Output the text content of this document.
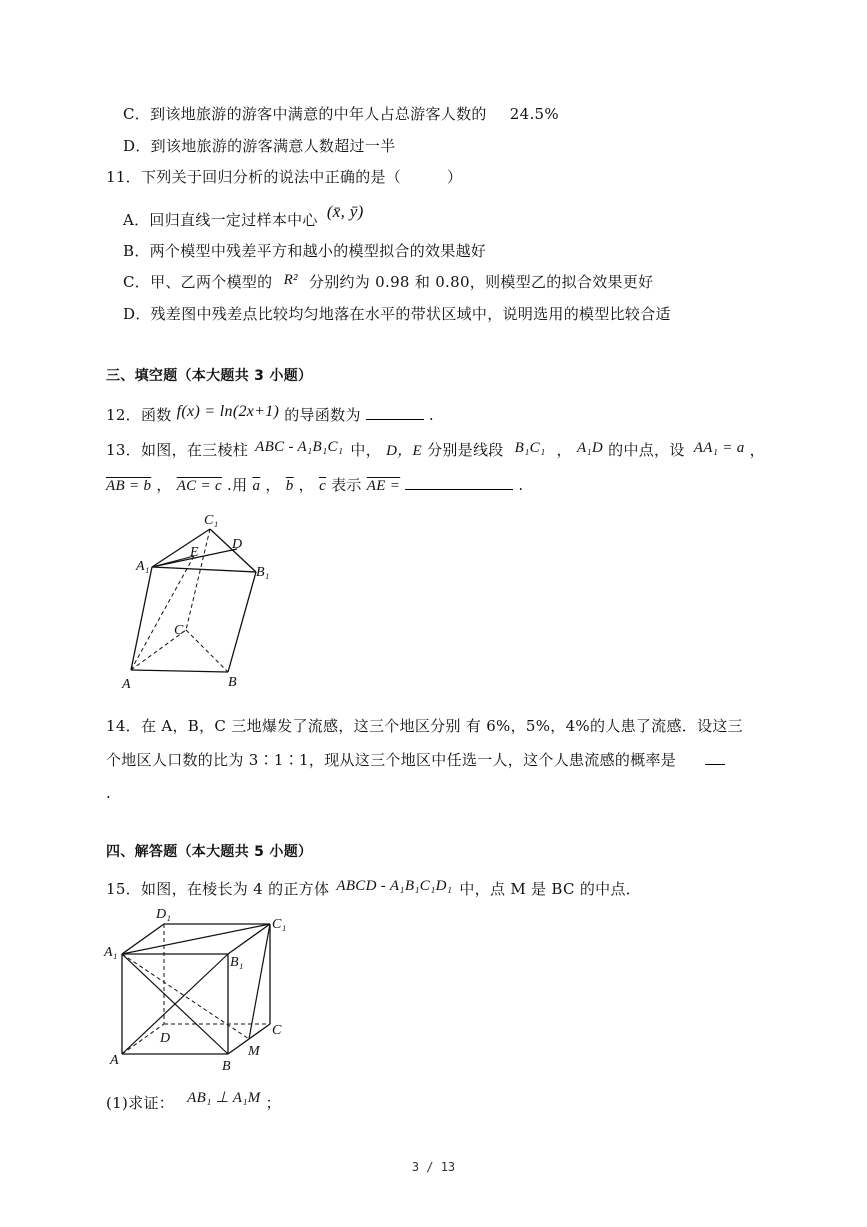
C．到该地旅游的游客中满意的中年人占总游客人数的 24.5%
D．到该地旅游的游客满意人数超过一半
11．下列关于回归分析的说法中正确的是（　　　）
A．回归直线一定过样本中心 (x̄, ȳ)
B．两个模型中残差平方和越小的模型拟合的效果越好
C．甲、乙两个模型的 R² 分别约为 0.98 和 0.80，则模型乙的拟合效果更好
D．残差图中残差点比较均匀地落在水平的带状区域中，说明选用的模型比较合适
三、填空题（本大题共 3 小题）
12．函数 f(x) = ln(2x+1) 的导函数为	.
13．如图，在三棱柱 ABC - A₁B₁C₁ 中， D，E 分别是线段 B₁C₁ ， A₁D 的中点，设 AA₁ = a ，
AB = b ， AC = c .用 $\overline{a}$ ， $\overline{b}$ ， $\overline{c}$ 表示 AE =	.
C₁
D
E
A₁	B₁
C
A	B
14．在 A，B，C 三地爆发了流感，这三个地区分别 有 6%，5%，4%的人患了流感．设这三
个地区人口数的比为 3∶1∶1，现从这三个地区中任选一人，这个人患流感的概率是
.
四、解答题（本大题共 5 小题）
15．如图，在棱长为 4 的正方体 ABCD - A₁B₁C₁D₁ 中，点 M 是 BC 的中点．
D₁
C₁
A₁
B₁
D
C
A	B
M
(1)求证： AB₁ ⊥ A₁M ；
3 / 13
